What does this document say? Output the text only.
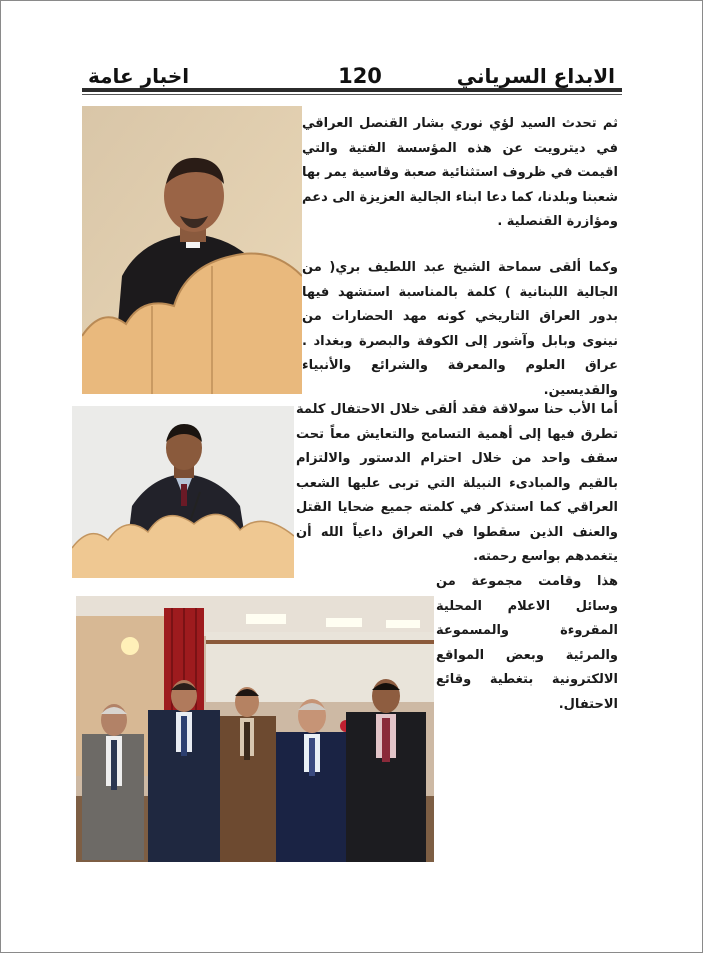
الابداع السرياني
120
اخبار عامة

ثم تحدث السيد لؤي نوري بشار القنصل العراقي في ديترويت عن هذه المؤسسة الفتية والتي اقيمت في ظروف استثنائية صعبة وقاسية يمر بها شعبنا وبلدنا، كما دعا ابناء الجالية العزيزة الى دعم ومؤازرة القنصلية .

وكما ألقى سماحة الشيخ عبد اللطيف بري( من الجالية اللبنانية ) كلمة بالمناسبة استشهد فيها بدور العراق التاريخي كونه مهد الحضارات من نينوى وبابل وآشور إلى الكوفة والبصرة وبغداد . عراق العلوم والمعرفة والشرائع والأنبياء والقديسين.

أما الأب حنا سولاقة فقد ألقى خلال الاحتفال كلمة تطرق فيها إلى أهمية التسامح والتعايش معاً تحت سقف واحد من خلال احترام الدستور والالتزام بالقيم والمبادىء النبيلة التي تربى عليها الشعب العراقي كما استذكر في كلمته جميع ضحايا القتل والعنف الذين سقطوا في العراق داعياً الله أن يتغمدهم بواسع رحمته.

هذا وقامت مجموعة من وسائل الاعلام المحلية المقروءة والمسموعة والمرئية وبعض المواقع الالكترونية بتغطية وقائع الاحتفال.
